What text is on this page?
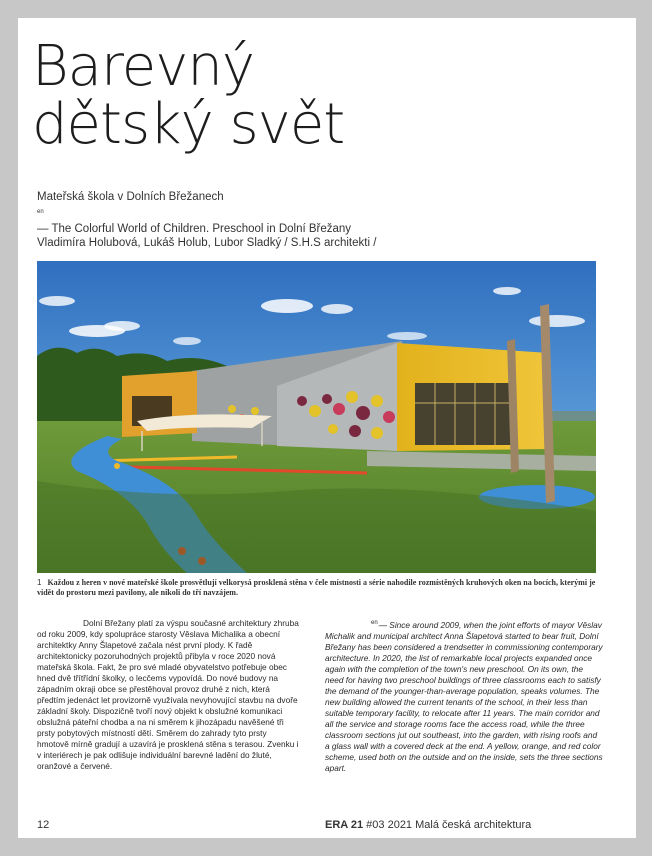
Barevný
dětský svět
Mateřská škola v Dolních Břežanech
$^{en}$
— The Colorful World of Children. Preschool in Dolní Břežany
Vladimíra Holubová, Lukáš Holub, Lubor Sladký / S.H.S architekti /
1 Každou z heren v nové mateřské škole prosvětlují velkorysá prosklená stěna v čele místnosti a série nahodile rozmístěných kruhových oken na bocích, kterými je vidět do prostoru mezi pavilony, ale nikoli do tří navzájem.

Dolní Břežany platí za výspu současné architektury zhruba od roku 2009, kdy spolupráce starosty Věslava Michalika a obecní architektky Anny Šlapetové začala nést první plody. K řadě architektonicky pozoruhodných projektů přibyla v roce 2020 nová mateřská škola. Fakt, že pro své mladé obyvatelstvo potřebuje obec hned dvě třítřídní školky, o lecčems vypovídá. Do nové budovy na západním okraji obce se přestěhoval provoz druhé z nich, která předtím jedenáct let provizorně využívala nevyhovující stavbu na dvoře základní školy. Dispozičně tvoří nový objekt k obslužné komunikaci obslužná páteřní chodba a na ni směrem k jihozápadu navěšené tři prsty pobytových místností dětí. Směrem do zahrady tyto prsty hmotově mírně gradují a uzavírá je prosklená stěna s terasou. Zvenku i v interiérech je pak odlišuje individuální barevné ladění do žluté, oranžové a červené.

$^{en}$— Since around 2009, when the joint efforts of mayor Věslav Michalik and municipal architect Anna Šlapetová started to bear fruit, Dolní Břežany has been considered a trendsetter in commissioning contemporary architecture. In 2020, the list of remarkable local projects expanded once again with the completion of the town's new preschool. On its own, the need for having two preschool buildings of three classrooms each to satisfy the demand of the younger-than-average population, speaks volumes. The new building allowed the current tenants of the school, in their less than suitable temporary facility, to relocate after 11 years. The main corridor and all the service and storage rooms face the access road, while the three classroom sections jut out southeast, into the garden, with rising roofs and a glass wall with a covered deck at the end. A yellow, orange, and red color scheme, used both on the outside and on the inside, sets the three sections apart.

12	ERA 21 #03 2021 Malá česká architektura
